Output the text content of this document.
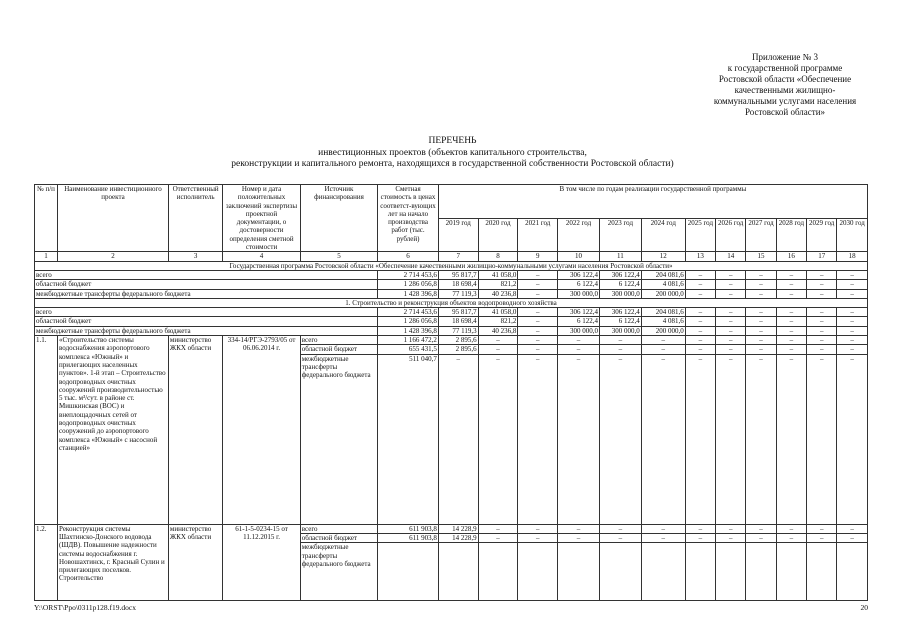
Приложение № 3
к государственной программе
Ростовской области «Обеспечение
качественными жилищно-
коммунальными услугами населения
Ростовской области»
ПЕРЕЧЕНЬ
инвестиционных проектов (объектов капитального строительства,
реконструкции и капитального ремонта, находящихся в государственной собственности Ростовской области)
№ п/п	Наименование инвестиционного проекта	Ответственный исполнитель	Номер и дата положительных заключений экспертизы проектной документации, о достоверности определения сметной стоимости	Источник финансирования	Сметная стоимость в ценах соответст-вующих лет на начало производства работ (тыс. рублей)	В том числе по годам реализации государственной программы											
						2019 год	2020 год	2021 год	2022 год	2023 год	2024 год	2025 год	2026 год	2027 год	2028 год	2029 год	2030 год
1	2	3	4	5	6	7	8	9	10	11	12	13	14	15	16	17	18
Государственная программа Ростовской области «Обеспечение качественными жилищно-коммунальными услугами населения Ростовской области»																	
всего					2 714 453,6	95 817,7	41 058,0	–	306 122,4	306 122,4	204 081,6	–	–	–	–	–	–
областной бюджет					1 286 056,8	18 698,4	821,2	–	6 122,4	6 122,4	4 081,6	–	–	–	–	–	–
межбюджетные трансферты федерального бюджета					1 428 396,8	77 119,3	40 236,8	–	300 000,0	300 000,0	200 000,0	–	–	–	–	–	–
1. Строительство и реконструкция объектов водопроводного хозяйства																	
всего					2 714 453,6	95 817,7	41 058,0	–	306 122,4	306 122,4	204 081,6	–	–	–	–	–	–
областной бюджет					1 286 056,8	18 698,4	821,2	–	6 122,4	6 122,4	4 081,6	–	–	–	–	–	–
межбюджетные трансферты федерального бюджета					1 428 396,8	77 119,3	40 236,8	–	300 000,0	300 000,0	200 000,0	–	–	–	–	–	–
1.1.	«Строительство системы водоснабжения аэропортового комплекса «Южный» и прилегающих населенных пунктов». 1-й этап – Строительство водопроводных очистных сооружений производительностью 5 тыс. м³/сут. в районе ст. Мишкинская (ВОС) и внеплощадочных сетей от водопроводных очистных сооружений до аэропортового комплекса «Южный» с насосной станцией»	министерство ЖКХ области	334-14/РГЭ-2793/05 от 06.06.2014 г.	всего	1 166 472,2	2 895,6	–	–	–	–	–	–	–	–	–	–	–
				областной бюджет	655 431,5	2 895,6	–	–	–	–	–	–	–	–	–	–	–
				межбюджетные трансферты федерального бюджета	511 040,7	–	–	–	–	–	–	–	–	–	–	–	–
1.2.	Реконструкция системы Шахтинско-Донского водовода (ШДВ). Повышение надежности системы водоснабжения г. Новошахтинск, г. Красный Сулин и прилегающих поселков. Строительство	министерство ЖКХ области	61-1-5-0234-15 от 11.12.2015 г.	всего	611 903,8	14 228,9	–	–	–	–	–	–	–	–	–	–	–
				областной бюджет	611 903,8	14 228,9	–	–	–	–	–	–	–	–	–	–	–
				межбюджетные трансферты федерального бюджета													
Y:\ORST\Ppo\0311p128.f19.docx	20
